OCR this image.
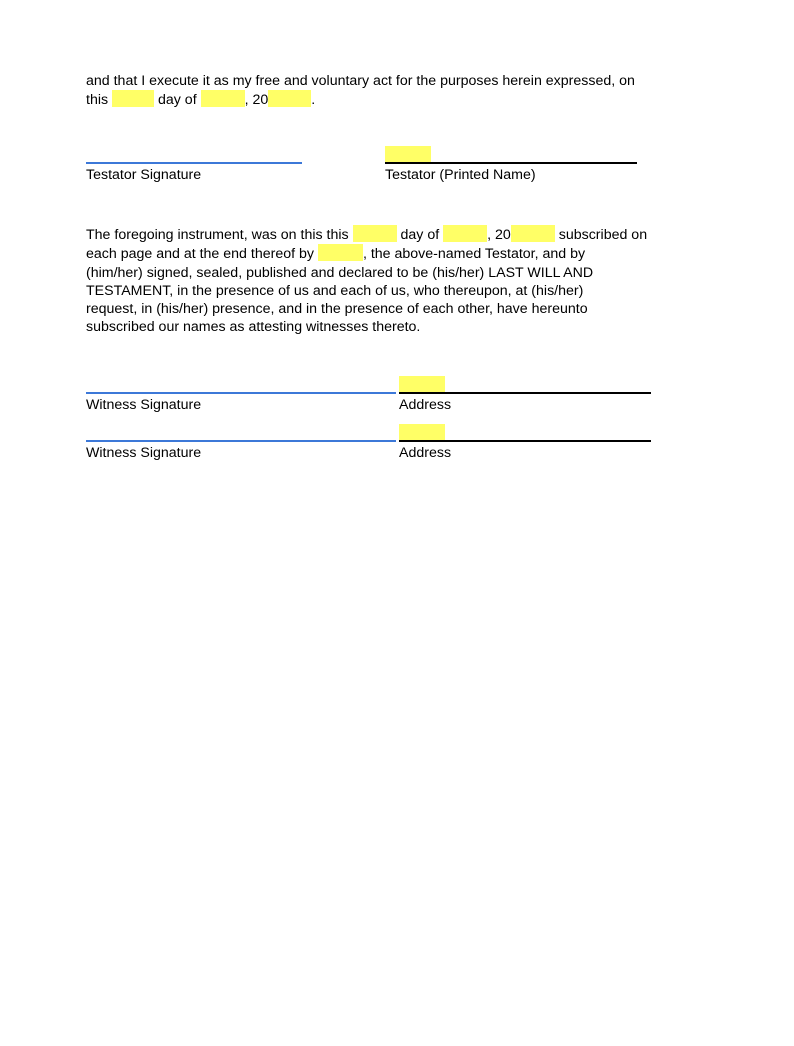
and that I execute it as my free and voluntary act for the purposes herein expressed, on
this	day of	, 20	.

Testator Signature	Testator (Printed Name)

The foregoing instrument, was on this this	day of	, 20	subscribed on
each page and at the end thereof by	, the above-named Testator, and by
(him/her) signed, sealed, published and declared to be (his/her) LAST WILL AND
TESTAMENT, in the presence of us and each of us, who thereupon, at (his/her)
request, in (his/her) presence, and in the presence of each other, have hereunto
subscribed our names as attesting witnesses thereto.

Witness Signature	Address
Witness Signature	Address
